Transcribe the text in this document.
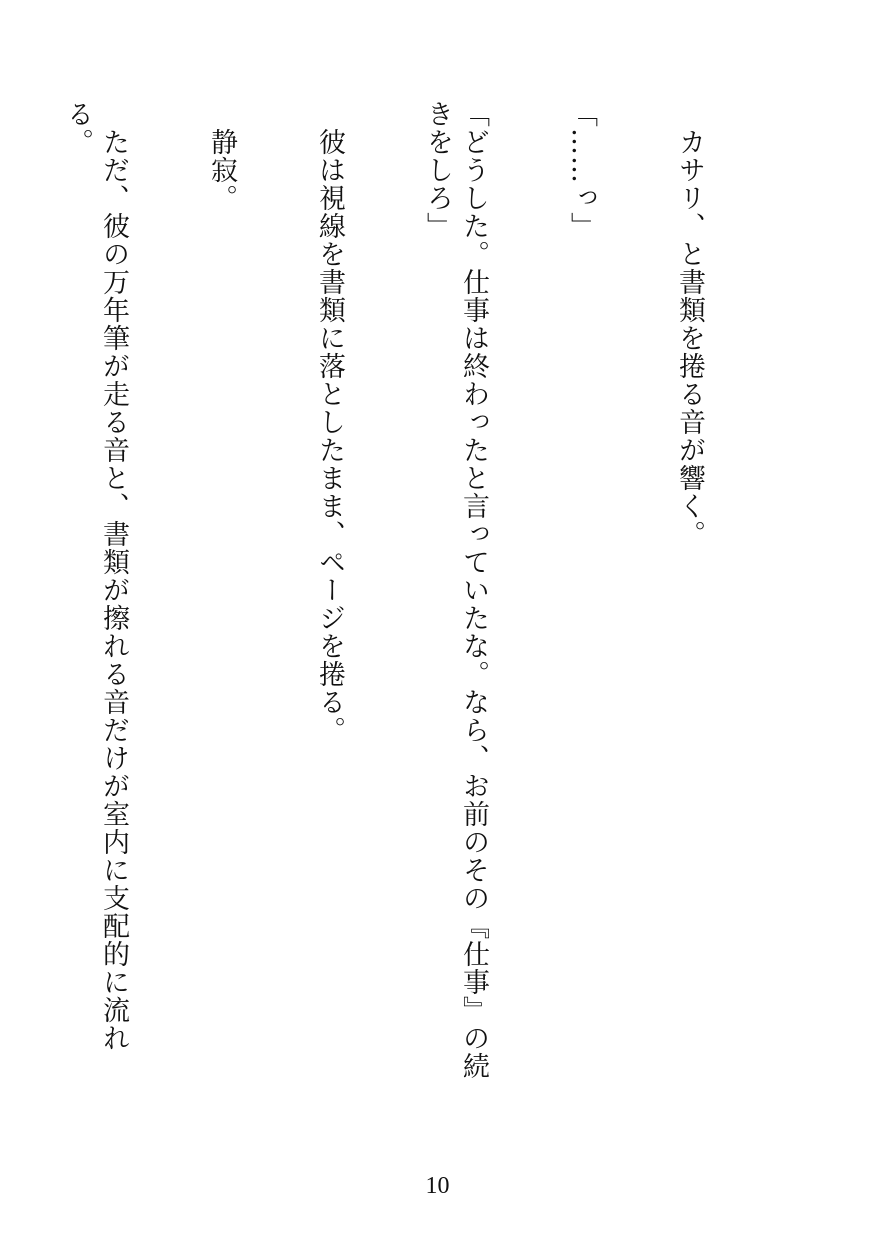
　カサリ、と書類を捲る音が響く。

「……っ」

「どうした。仕事は終わったと言っていたな。なら、お前のその『仕事』の続きをしろ」

　彼は視線を書類に落としたまま、ページを捲る。

　静寂。

　ただ、彼の万年筆が走る音と、書類が擦れる音だけが室内に支配的に流れる。

10
